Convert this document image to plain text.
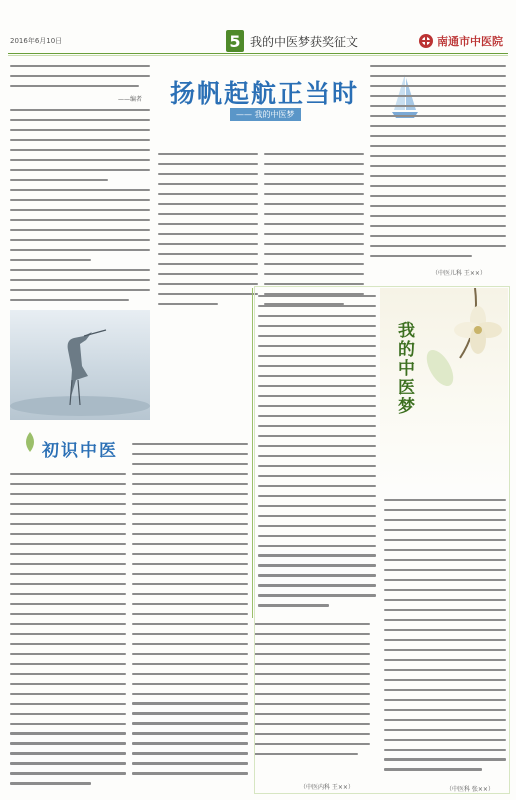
2016年6月10日	5 我的中医梦获奖征文	南通市中医院
——编者 扬帆起航正当时
—— 我的中医梦
（中医儿科 王××）
初识中医
（中医内科 王××）
我的中医梦
（中医科 张××）
